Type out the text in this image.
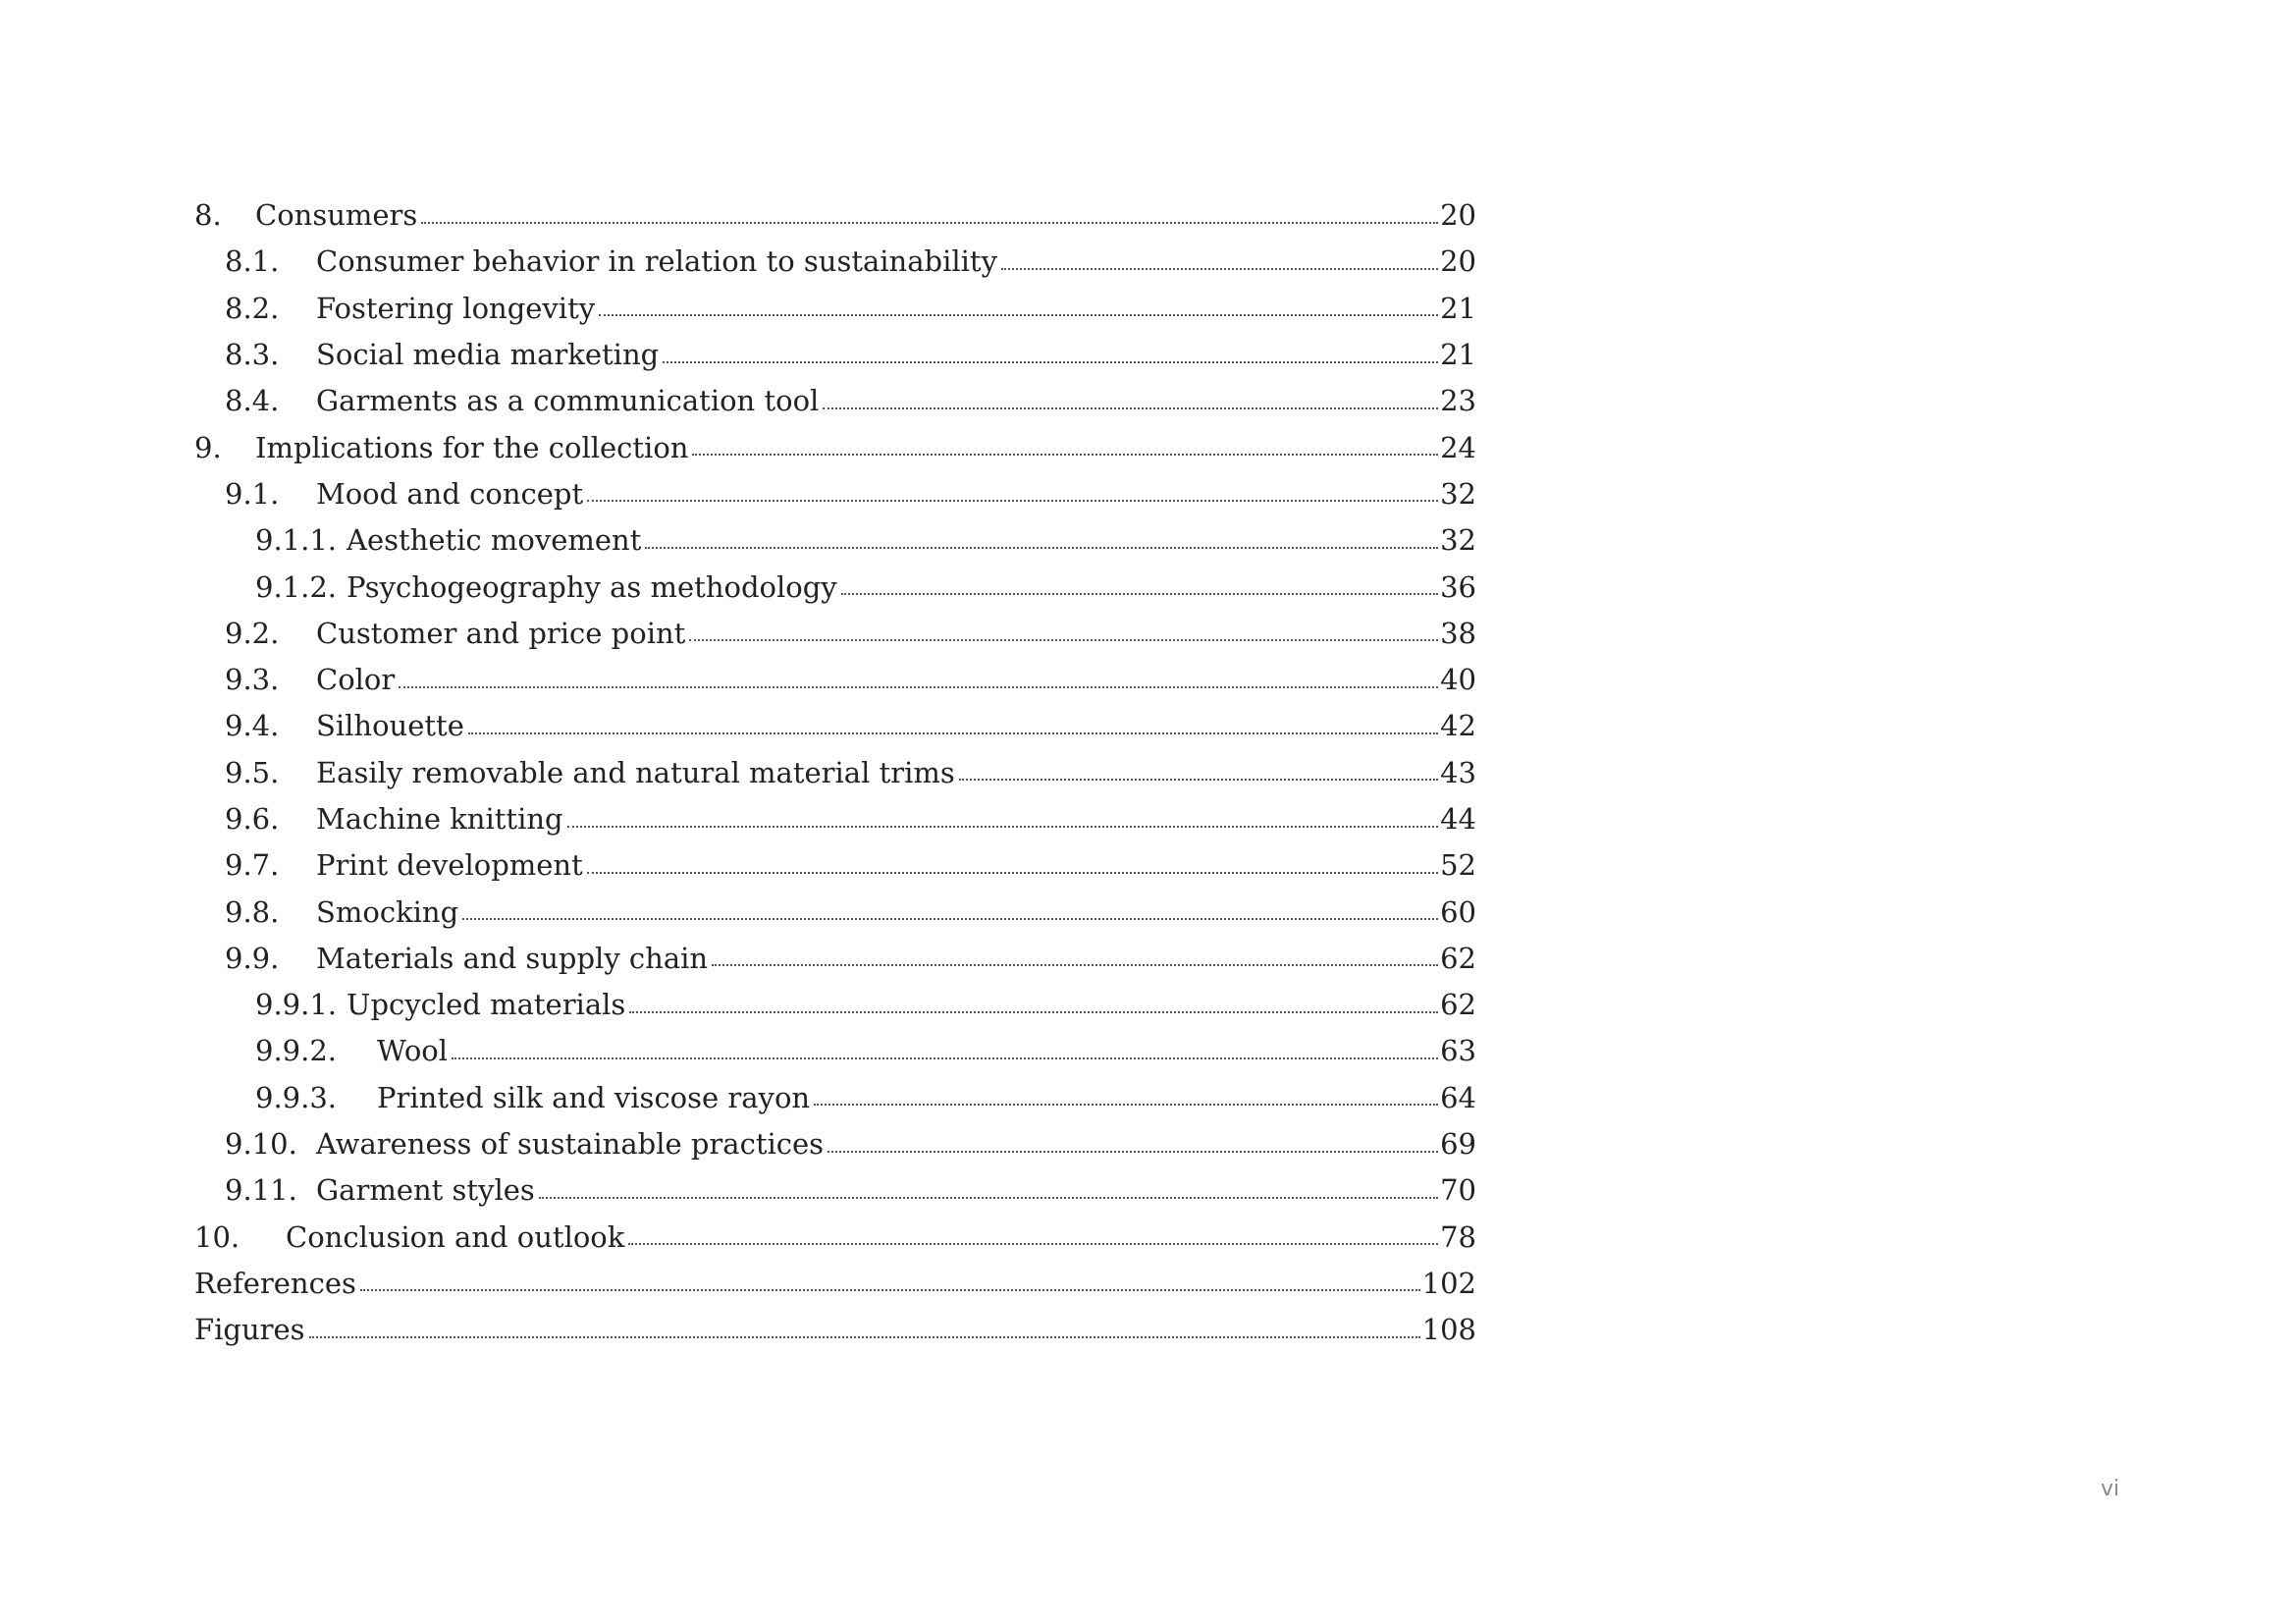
8.	Consumers	20
8.1.	Consumer behavior in relation to sustainability	20
8.2.	Fostering longevity	21
8.3.	Social media marketing	21
8.4.	Garments as a communication tool	23
9.	Implications for the collection	24
9.1.	Mood and concept	32
9.1.1. Aesthetic movement	32
9.1.2. Psychogeography as methodology	36
9.2.	Customer and price point	38
9.3.	Color	40
9.4.	Silhouette	42
9.5.	Easily removable and natural material trims	43
9.6.	Machine knitting	44
9.7.	Print development	52
9.8.	Smocking	60
9.9.	Materials and supply chain	62
9.9.1. Upcycled materials	62
9.9.2.	Wool	63
9.9.3.	Printed silk and viscose rayon	64
9.10. Awareness of sustainable practices	69
9.11. Garment styles	70
10.	Conclusion and outlook	78
References	102
Figures	108
vi
